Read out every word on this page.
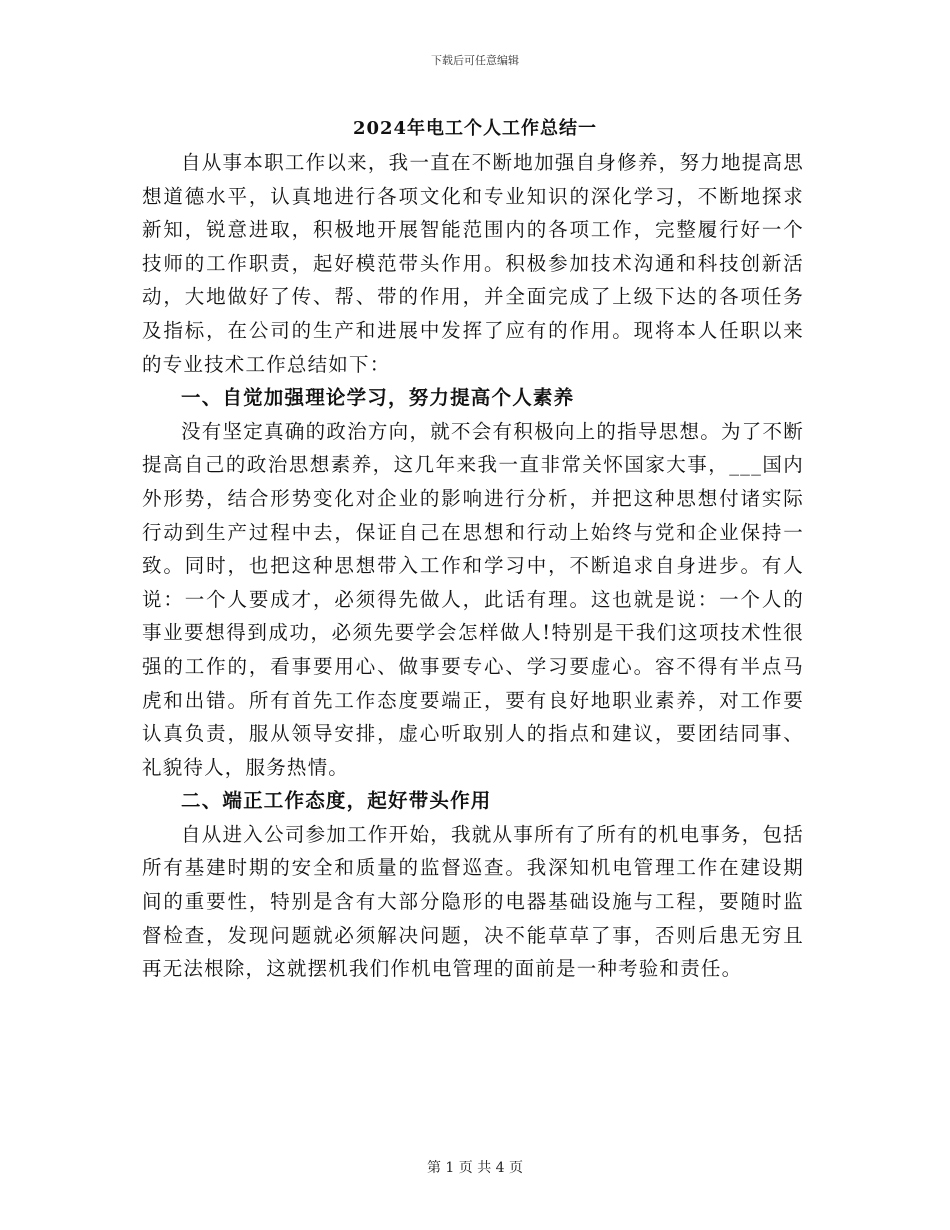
下载后可任意编辑
2024年电工个人工作总结一

自从事本职工作以来，我一直在不断地加强自身修养，努力地提高思想道德水平，认真地进行各项文化和专业知识的深化学习，不断地探求新知，锐意进取，积极地开展智能范围内的各项工作，完整履行好一个技师的工作职责，起好模范带头作用。积极参加技术沟通和科技创新活动，大地做好了传、帮、带的作用，并全面完成了上级下达的各项任务及指标，在公司的生产和进展中发挥了应有的作用。现将本人任职以来的专业技术工作总结如下：

一、自觉加强理论学习，努力提高个人素养

没有坚定真确的政治方向，就不会有积极向上的指导思想。为了不断提高自己的政治思想素养，这几年来我一直非常关怀国家大事，___国内外形势，结合形势变化对企业的影响进行分析，并把这种思想付诸实际行动到生产过程中去，保证自己在思想和行动上始终与党和企业保持一致。同时，也把这种思想带入工作和学习中，不断追求自身进步。有人说：一个人要成才，必须得先做人，此话有理。这也就是说：一个人的事业要想得到成功，必须先要学会怎样做人!特别是干我们这项技术性很强的工作的，看事要用心、做事要专心、学习要虚心。容不得有半点马虎和出错。所有首先工作态度要端正，要有良好地职业素养，对工作要认真负责，服从领导安排，虚心听取别人的指点和建议，要团结同事、礼貌待人，服务热情。

二、端正工作态度，起好带头作用

自从进入公司参加工作开始，我就从事所有了所有的机电事务，包括所有基建时期的安全和质量的监督巡查。我深知机电管理工作在建设期间的重要性，特别是含有大部分隐形的电器基础设施与工程，要随时监督检查，发现问题就必须解决问题，决不能草草了事，否则后患无穷且再无法根除，这就摆机我们作机电管理的面前是一种考验和责任。

第 1 页 共 4 页
